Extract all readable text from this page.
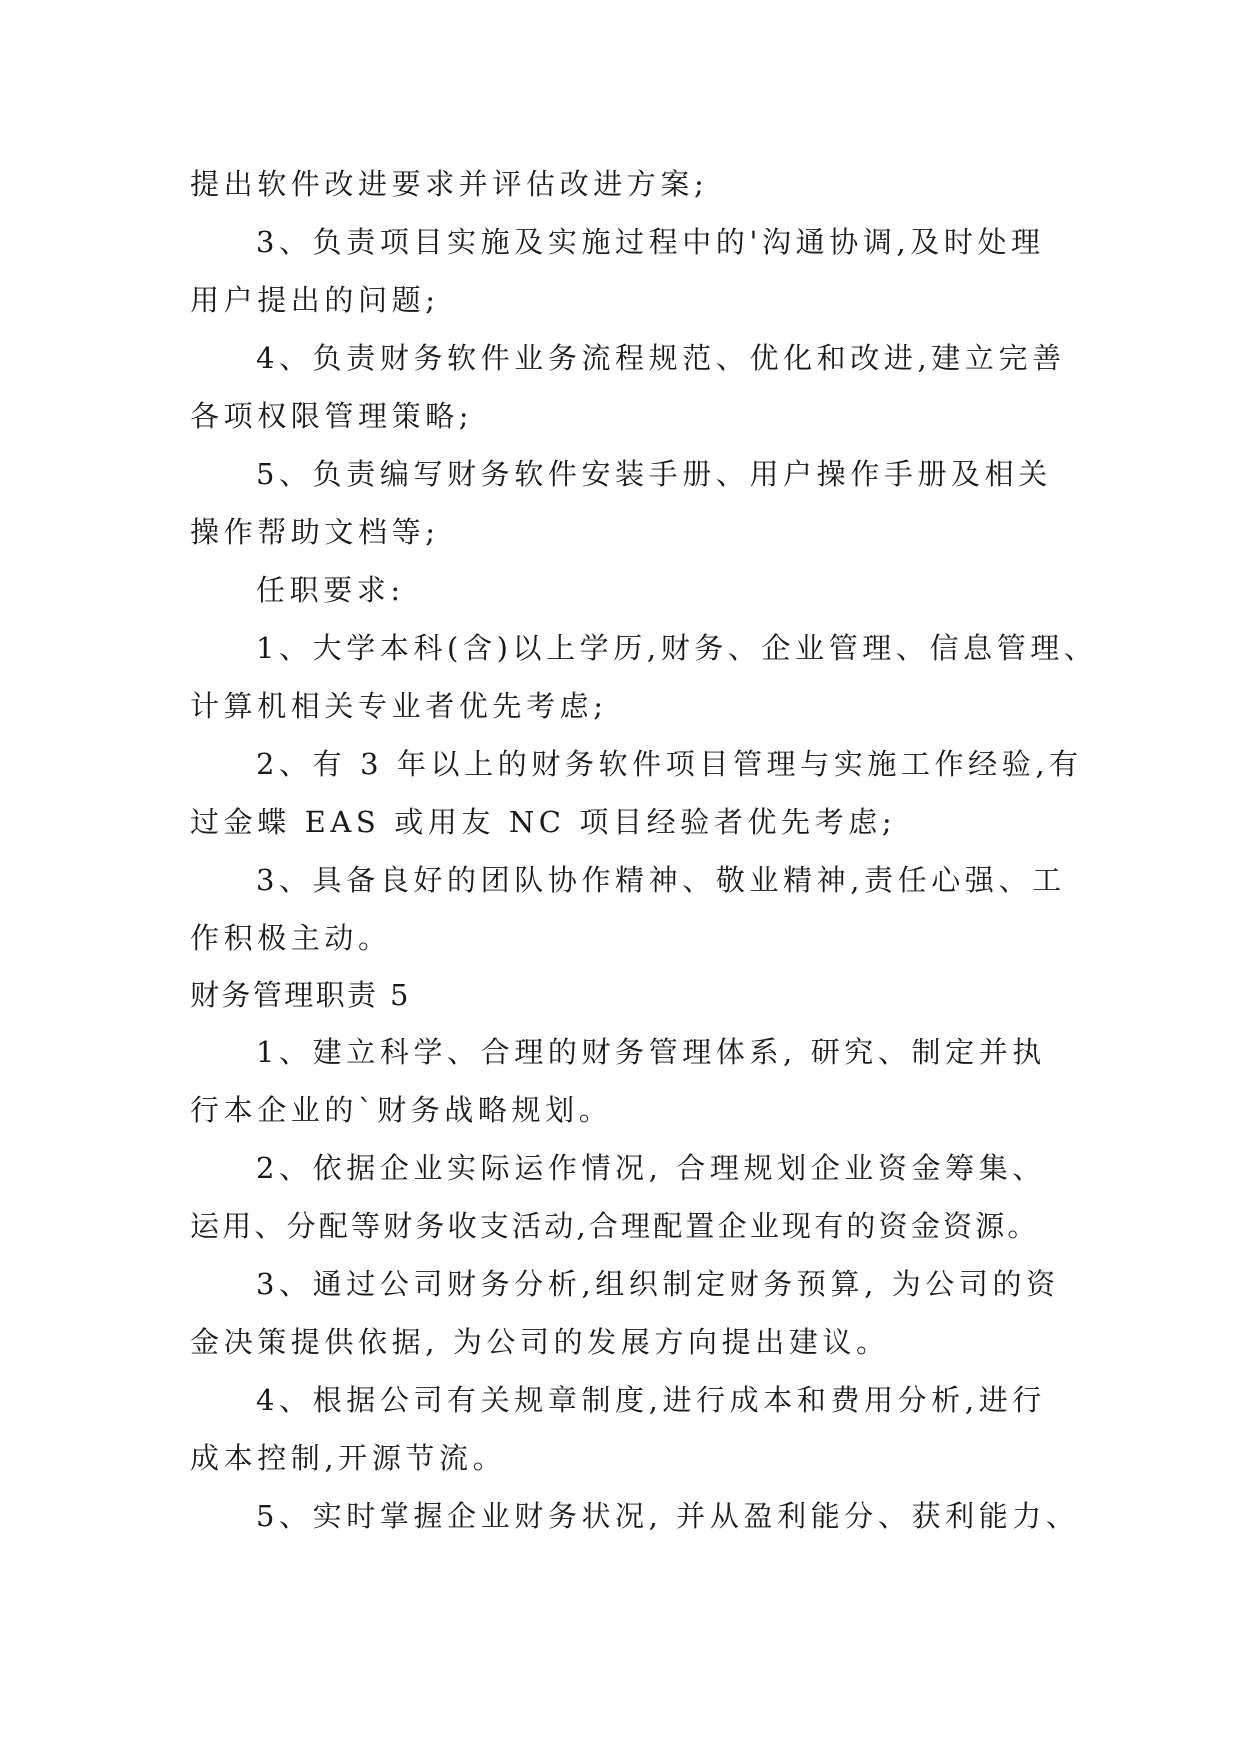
提出软件改进要求并评估改进方案;

3、负责项目实施及实施过程中的'沟通协调,及时处理

用户提出的问题;

4、负责财务软件业务流程规范、优化和改进,建立完善

各项权限管理策略;

5、负责编写财务软件安装手册、用户操作手册及相关

操作帮助文档等;

任职要求:

1、大学本科(含)以上学历,财务、企业管理、信息管理、

计算机相关专业者优先考虑;

2、有 3 年以上的财务软件项目管理与实施工作经验,有

过金蝶 EAS 或用友 NC 项目经验者优先考虑;

3、具备良好的团队协作精神、敬业精神,责任心强、工

作积极主动。

财务管理职责 5

1、建立科学、合理的财务管理体系, 研究、制定并执

行本企业的`财务战略规划。

2、依据企业实际运作情况, 合理规划企业资金筹集、

运用、分配等财务收支活动,合理配置企业现有的资金资源。

3、通过公司财务分析,组织制定财务预算, 为公司的资

金决策提供依据, 为公司的发展方向提出建议。

4、根据公司有关规章制度,进行成本和费用分析,进行

成本控制,开源节流。

5、实时掌握企业财务状况, 并从盈利能分、获利能力、
